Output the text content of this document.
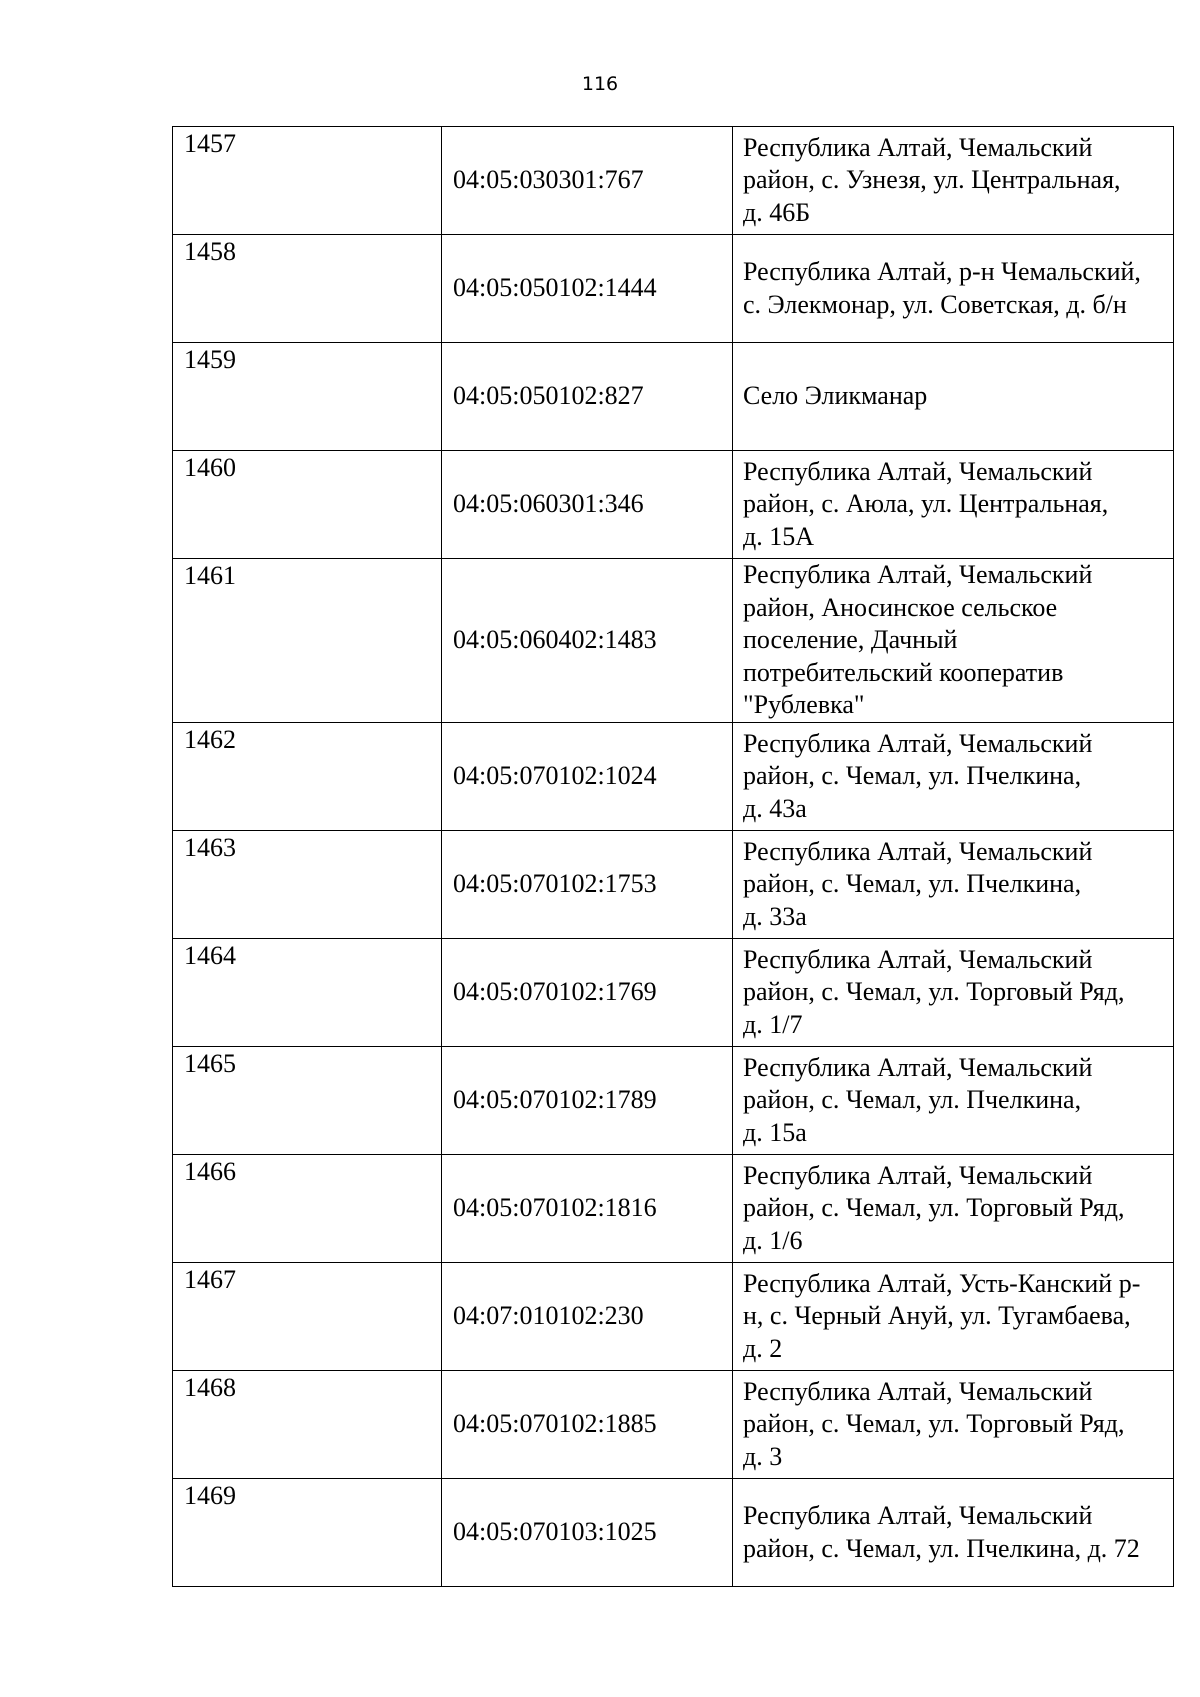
116
1457	04:05:030301:767	Республика Алтай, Чемальский
район, с. Узнезя, ул. Центральная,
д. 46Б

1458	04:05:050102:1444	Республика Алтай, р-н Чемальский,
с. Элекмонар, ул. Советская, д. б/н

1459	04:05:050102:827	Село Эликманар

1460	04:05:060301:346	Республика Алтай, Чемальский
район, с. Аюла, ул. Центральная,
д. 15А

1461	04:05:060402:1483	Республика Алтай, Чемальский
район, Аносинское сельское
поселение, Дачный
потребительский кооператив
"Рублевка"

1462	04:05:070102:1024	Республика Алтай, Чемальский
район, с. Чемал, ул. Пчелкина,
д. 43а

1463	04:05:070102:1753	Республика Алтай, Чемальский
район, с. Чемал, ул. Пчелкина,
д. 33а

1464	04:05:070102:1769	Республика Алтай, Чемальский
район, с. Чемал, ул. Торговый Ряд,
д. 1/7

1465	04:05:070102:1789	Республика Алтай, Чемальский
район, с. Чемал, ул. Пчелкина,
д. 15а

1466	04:05:070102:1816	Республика Алтай, Чемальский
район, с. Чемал, ул. Торговый Ряд,
д. 1/6

1467	04:07:010102:230	Республика Алтай, Усть-Канский р-
н, с. Черный Ануй, ул. Тугамбаева,
д. 2

1468	04:05:070102:1885	Республика Алтай, Чемальский
район, с. Чемал, ул. Торговый Ряд,
д. 3

1469	04:05:070103:1025	Республика Алтай, Чемальский
район, с. Чемал, ул. Пчелкина, д. 72
